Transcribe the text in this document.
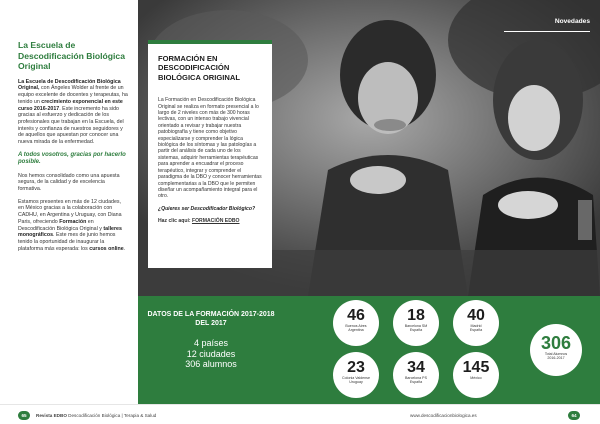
La Escuela de Descodificación Biológica Original

La Escuela de Descodificación Biológica Original, con Ángeles Wolder al frente de un equipo excelente de docentes y terapeutas, ha tenido un crecimiento exponencial en este curso 2016-2017. Este incremento ha sido gracias al esfuerzo y dedicación de los profesionales que trabajan en la Escuela, del interés y confianza de nuestros seguidores y de aquellos que apuestan por conocer una nueva mirada de la enfermedad.

A todos vosotros, gracias por hacerlo posible.

Nos hemos consolidado como una apuesta segura, de la calidad y de excelencia formativa.

Estamos presentes en más de 12 ciudades, en México gracias a la colaboración con CADHU, en Argentina y Uruguay, con Diana Paris, ofreciendo Formación en Descodificación Biológica Original y talleres monográficos. Este mes de junio hemos tenido la oportunidad de inaugurar la plataforma más esperada: los cursos online.

Novedades
FORMACIÓN EN DESCODIFICACIÓN BIOLÓGICA ORIGINAL

La Formación en Descodificación Biológica Original se realiza en formato presencial a lo largo de 2 niveles con más de 300 horas lectivas, con un intenso trabajo vivencial orientado a revisar y trabajar nuestra patobiografía y tiene como objetivo especializarse y comprender la lógica biológica de los síntomas y las patologías a partir del análisis de cada uno de los sistemas, adquirir herramientas terapéuticas para aprender a encuadrar el proceso terapéutico, integrar y comprender el paradigma de la DBO y conocer herramientas complementarias a la DBO que le permiten diseñar un acompañamiento integral para el otro.

¿Quieres ser Descodificador Biológico?

Haz clic aquí: FORMACIÓN EDBO

DATOS DE LA FORMACIÓN 2017-2018 DEL 2017
4 países
12 ciudades
306 alumnos
46
Buenos Aires
Argentina
18
Barcelona SM
España
40
Madrid
España
23
Colonia Valdense
Uruguay
34
Barcelona PS
España
145
México
306
Total Alumnos
2016-2017
65	Revista EDBO Descodificación Biológica | Terapia & Salud	www.descodificacionbiologica.es	64
